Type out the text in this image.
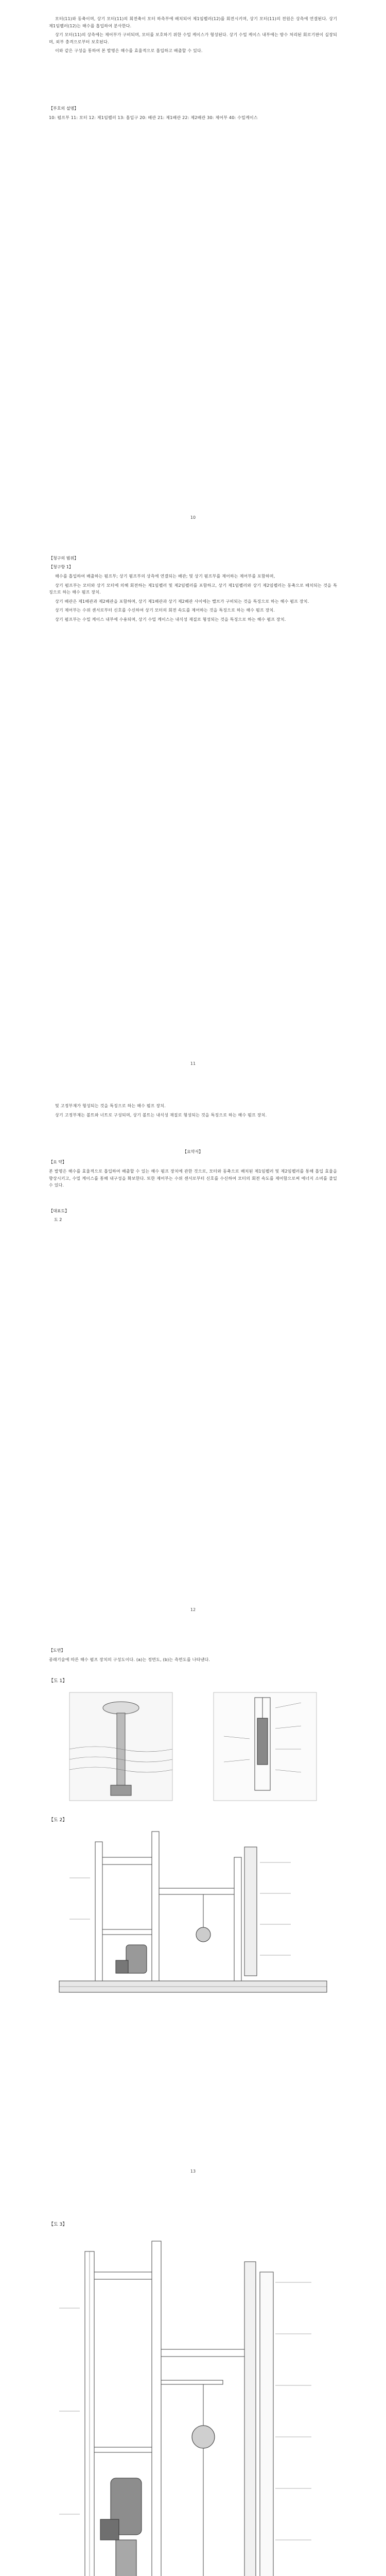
모터(11)와 동축이며, 상기 모터(11)의 회전축이 모터 하측부에 배치되어 제1임펠러(12)를 회전시키며, 상기 모터(11)의 전원은 상측에 연결된다. 상기 제1임펠러(12)는 해수를 흡입하여 분사한다.

상기 모터(11)의 상측에는 제어부가 구비되며, 모터를 보호하기 위한 수밀 케이스가 형성된다. 상기 수밀 케이스 내부에는 방수 처리된 회로기판이 실장되며, 외부 충격으로부터 보호된다.

이와 같은 구성을 통하여 본 발명은 해수를 효율적으로 흡입하고 배출할 수 있다.

【부호의 설명】
10: 펌프부 11: 모터 12: 제1임펠러 13: 흡입구 20: 배관 21: 제1배관 22: 제2배관 30: 제어부 40: 수밀케이스
10
【청구의 범위】
【청구항 1】

해수를 흡입하여 배출하는 펌프부; 상기 펌프부의 상측에 연결되는 배관; 및 상기 펌프부를 제어하는 제어부를 포함하며,

상기 펌프부는 모터와 상기 모터에 의해 회전하는 제1임펠러 및 제2임펠러를 포함하고, 상기 제1임펠러와 상기 제2임펠러는 동축으로 배치되는 것을 특징으로 하는 해수 펌프 장치.

상기 배관은 제1배관과 제2배관을 포함하며, 상기 제1배관과 상기 제2배관 사이에는 밸브가 구비되는 것을 특징으로 하는 해수 펌프 장치.

상기 제어부는 수위 센서로부터 신호를 수신하여 상기 모터의 회전 속도를 제어하는 것을 특징으로 하는 해수 펌프 장치.

상기 펌프부는 수밀 케이스 내부에 수용되며, 상기 수밀 케이스는 내식성 재질로 형성되는 것을 특징으로 하는 해수 펌프 장치.

11

및 고정부재가 형성되는 것을 특징으로 하는 해수 펌프 장치.

상기 고정부재는 볼트와 너트로 구성되며, 상기 볼트는 내식성 재질로 형성되는 것을 특징으로 하는 해수 펌프 장치.

【요약서】
【요 약】
본 발명은 해수를 효율적으로 흡입하여 배출할 수 있는 해수 펌프 장치에 관한 것으로, 모터와 동축으로 배치된 제1임펠러 및 제2임펠러를 통해 흡입 효율을 향상시키고, 수밀 케이스를 통해 내구성을 확보한다. 또한 제어부는 수위 센서로부터 신호를 수신하여 모터의 회전 속도를 제어함으로써 에너지 소비를 줄일 수 있다.
【대표도】
도 2
12
【도면】
종래기술에 따른 해수 펌프 장치의 구성도이다. (a)는 정면도, (b)는 측면도를 나타낸다.
【도 1】
【도 2】
13
【도 3】
